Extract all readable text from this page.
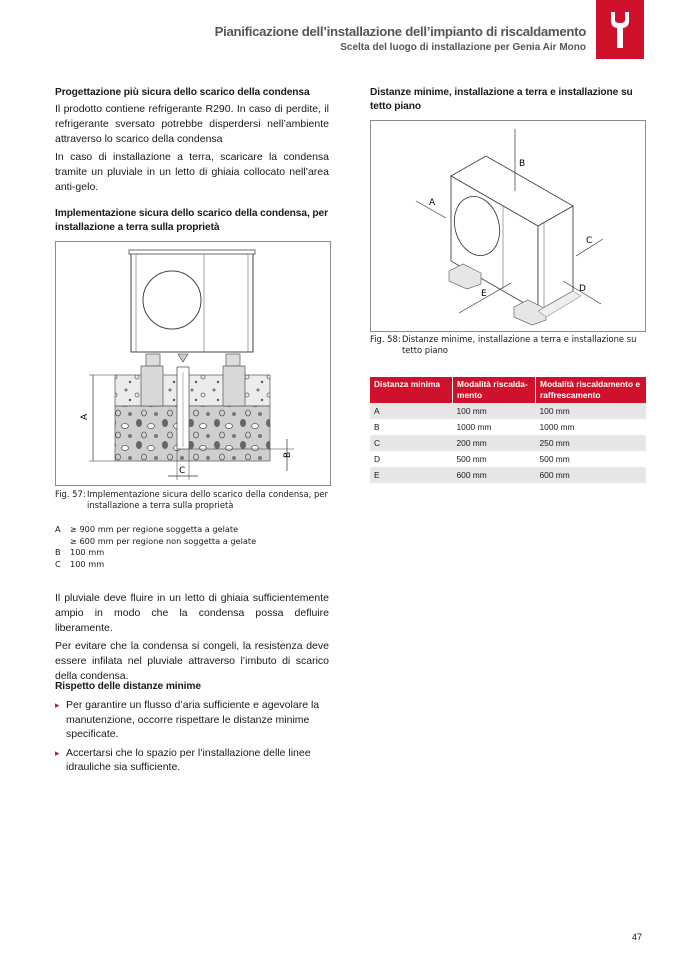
Pianificazione dell’installazione dell’impianto di riscaldamento
Scelta del luogo di installazione per Genia Air Mono
Progettazione più sicura dello scarico della condensa

Il prodotto contiene refrigerante R290. In caso di perdite, il refrigerante sversato potrebbe disperdersi nell’ambiente attraverso lo scarico della condensa

In caso di installazione a terra, scaricare la condensa tramite un pluviale in un letto di ghiaia collocato nell’area anti-gelo.

Implementazione sicura dello scarico della condensa, per installazione a terra sulla proprietà
A
B
C
Fig. 57: Implementazione sicura dello scarico della condensa, per installazione a terra sulla proprietà
A	≥ 900 mm per regione soggetta a gelate
≥ 600 mm per regione non soggetta a gelate
B	100 mm
C	100 mm

Il pluviale deve fluire in un letto di ghiaia sufficientemente ampio in modo che la condensa possa defluire liberamente.

Per evitare che la condensa si congeli, la resistenza deve essere infilata nel pluviale attraverso l’imbuto di scarico della condensa.

Rispetto delle distanze minime
▸ Per garantire un flusso d’aria sufficiente e agevolare la manutenzione, occorre rispettare le distanze minime specificate.
▸ Accertarsi che lo spazio per l’installazione delle linee idrauliche sia sufficiente.
Distanze minime, installazione a terra e installazione su tetto piano
B
A
C
D
E
Fig. 58: Distanze minime, installazione a terra e installazione su tetto piano
Distanza minima	Modalità riscalda-mento	Modalità riscaldamento e raffrescamento
A	100 mm	100 mm
B	1000 mm	1000 mm
C	200 mm	250 mm
D	500 mm	500 mm
E	600 mm	600 mm
47
